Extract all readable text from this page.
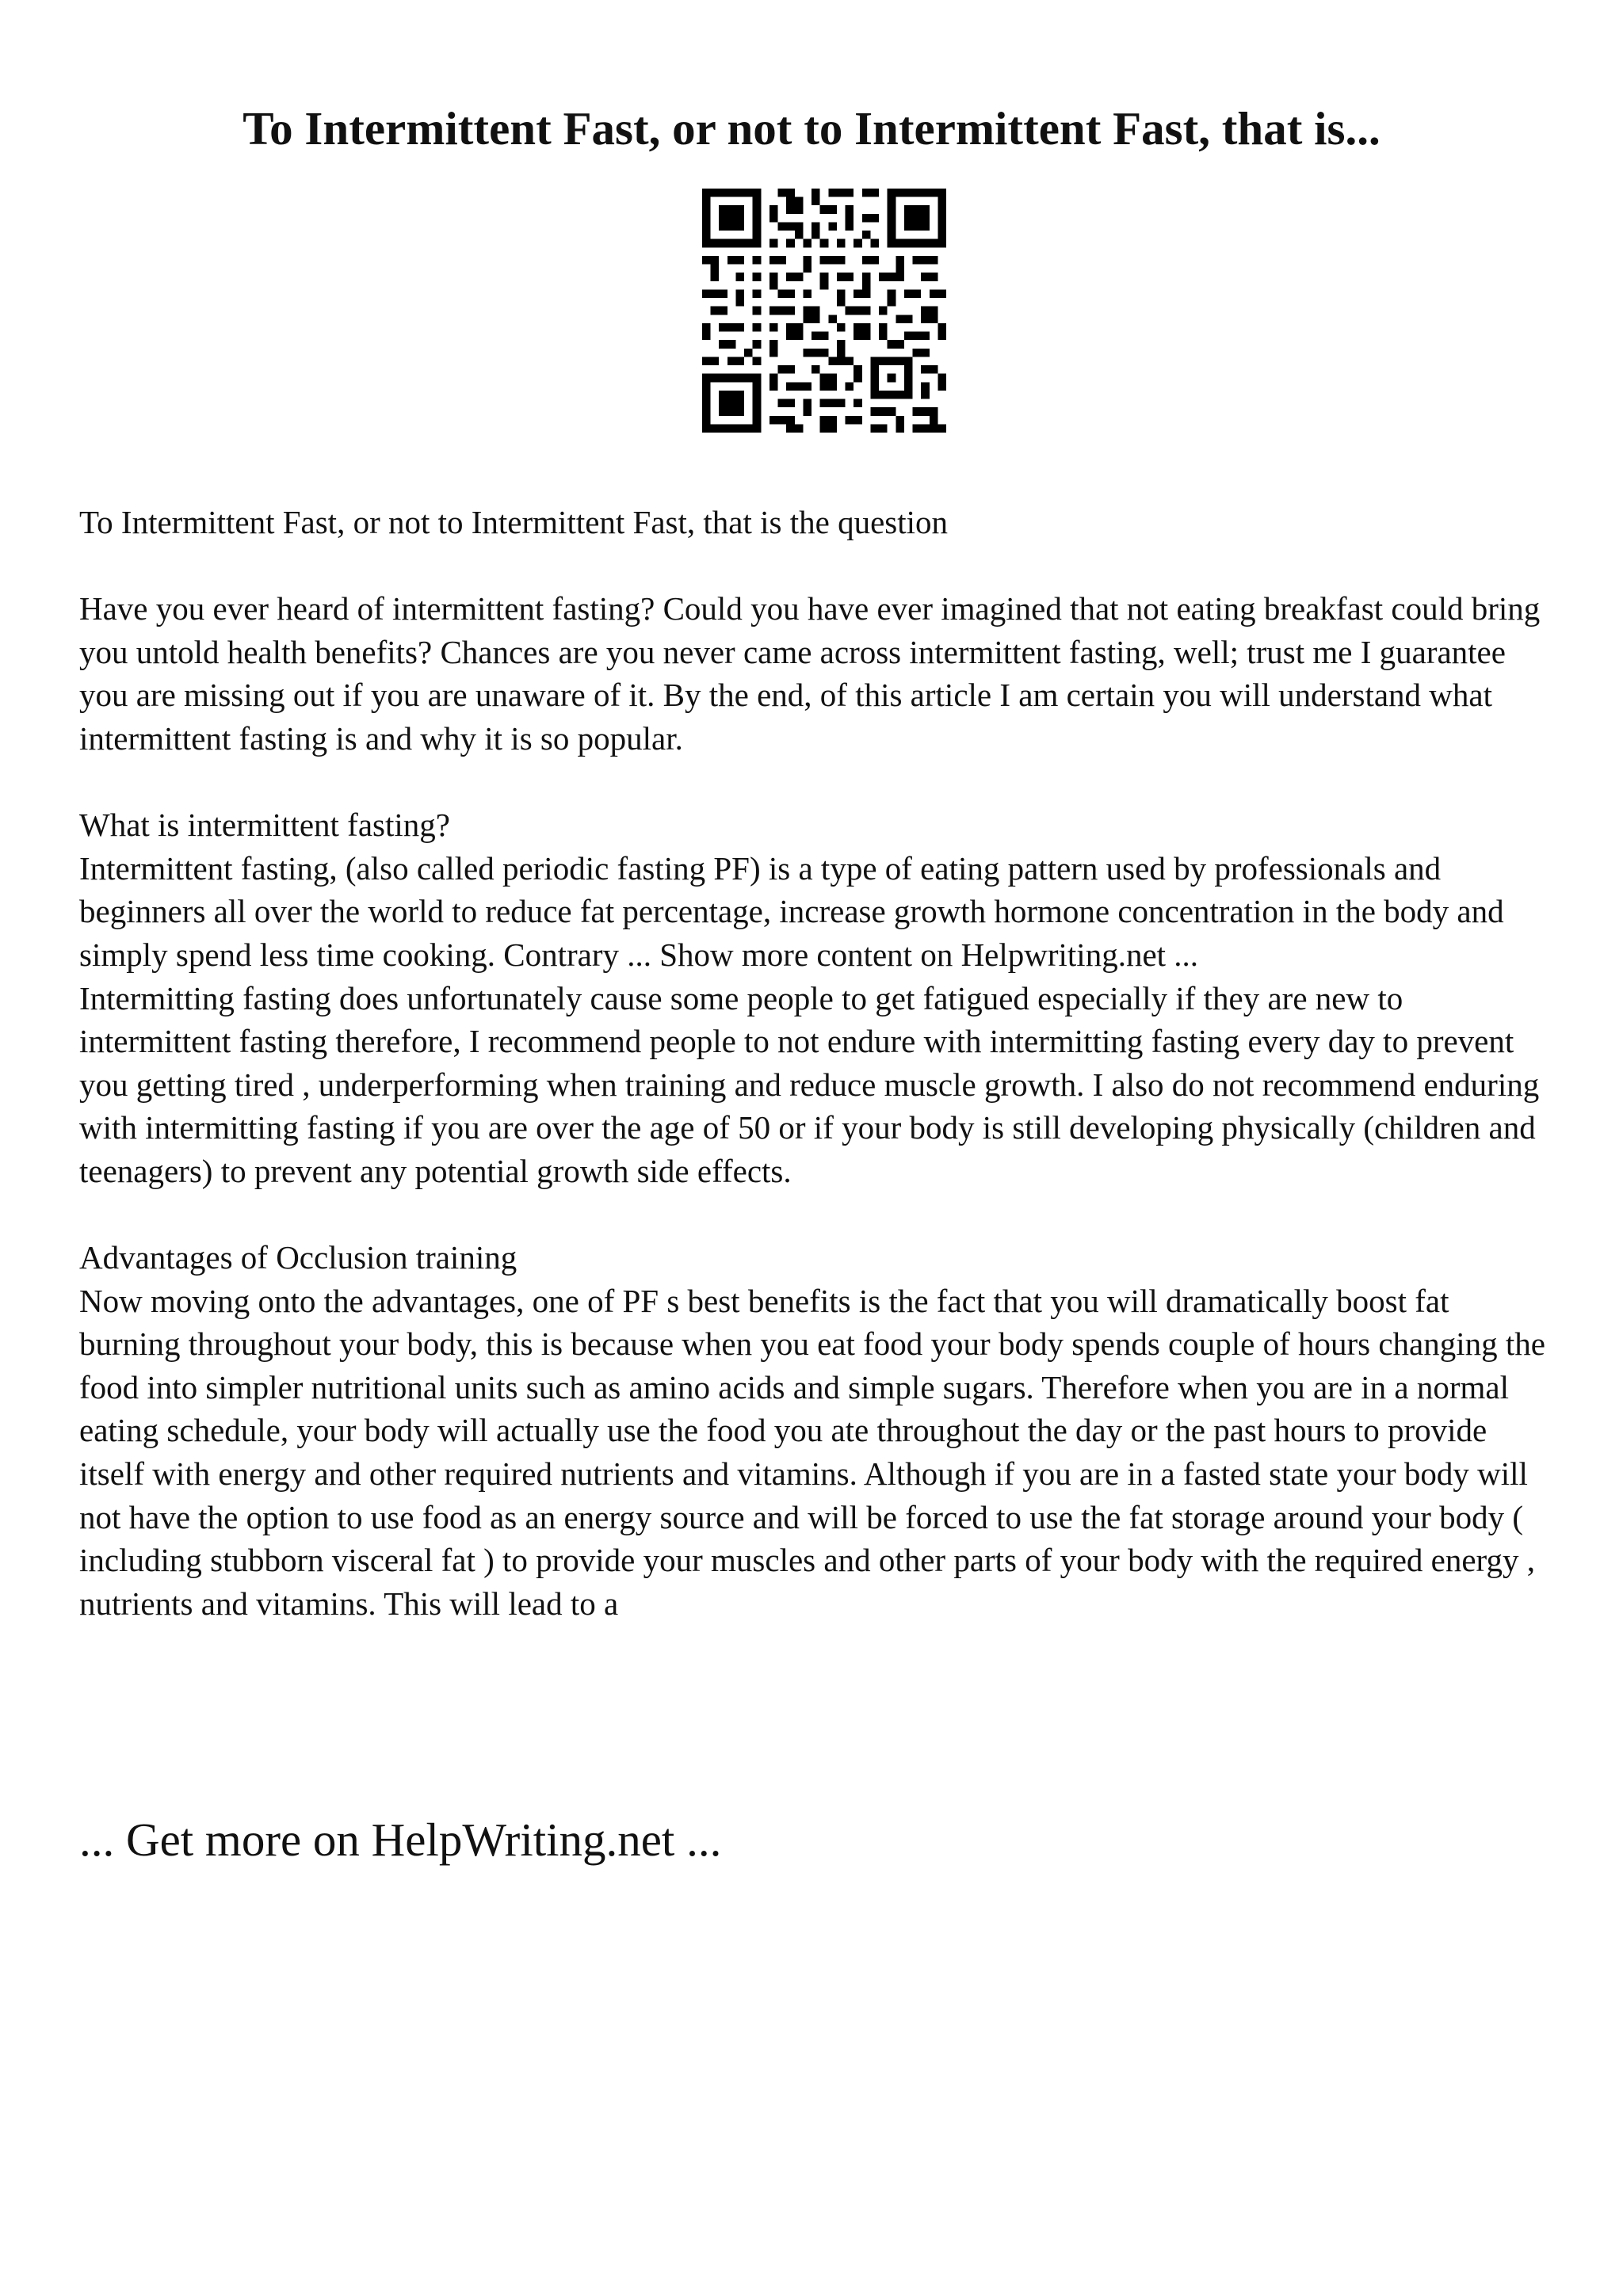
To Intermittent Fast, or not to Intermittent Fast, that is...

To Intermittent Fast, or not to Intermittent Fast, that is the question

Have you ever heard of intermittent fasting? Could you have ever imagined that not eating breakfast could bring you untold health benefits? Chances are you never came across intermittent fasting, well; trust me I guarantee you are missing out if you are unaware of it. By the end, of this article I am certain you will understand what intermittent fasting is and why it is so popular.

What is intermittent fasting?

Intermittent fasting, (also called periodic fasting PF) is a type of eating pattern used by professionals and beginners all over the world to reduce fat percentage, increase growth hormone concentration in the body and simply spend less time cooking. Contrary ... Show more content on Helpwriting.net ...

Intermitting fasting does unfortunately cause some people to get fatigued especially if they are new to intermittent fasting therefore, I recommend people to not endure with intermitting fasting every day to prevent you getting tired , underperforming when training and reduce muscle growth. I also do not recommend enduring with intermitting fasting if you are over the age of 50 or if your body is still developing physically (children and teenagers) to prevent any potential growth side effects.

Advantages of Occlusion training

Now moving onto the advantages, one of PF s best benefits is the fact that you will dramatically boost fat burning throughout your body, this is because when you eat food your body spends couple of hours changing the food into simpler nutritional units such as amino acids and simple sugars. Therefore when you are in a normal eating schedule, your body will actually use the food you ate throughout the day or the past hours to provide itself with energy and other required nutrients and vitamins. Although if you are in a fasted state your body will not have the option to use food as an energy source and will be forced to use the fat storage around your body ( including stubborn visceral fat ) to provide your muscles and other parts of your body with the required energy , nutrients and vitamins. This will lead to a

... Get more on HelpWriting.net ...
